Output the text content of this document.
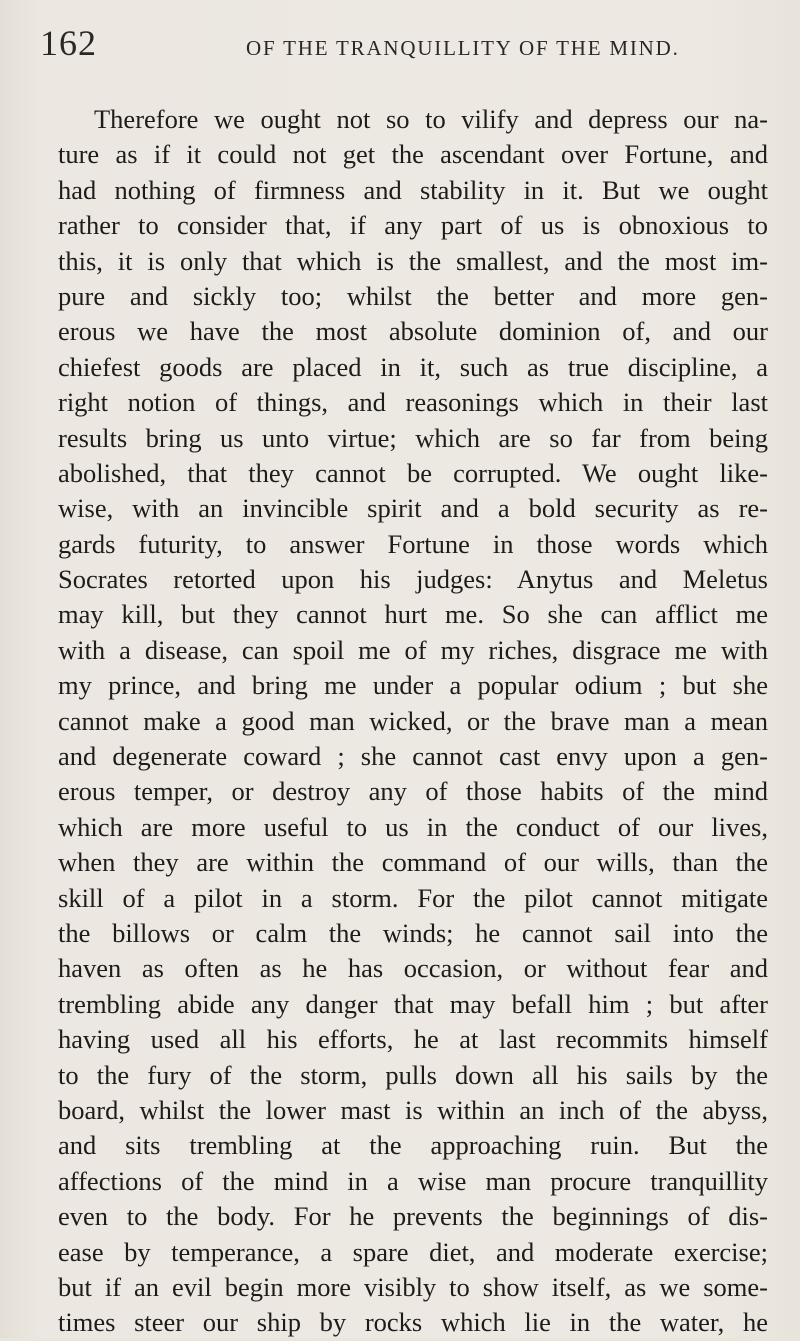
162	OF THE TRANQUILLITY OF THE MIND.
Therefore we ought not so to vilify and depress our na-
ture as if it could not get the ascendant over Fortune, and
had nothing of firmness and stability in it. But we ought
rather to consider that, if any part of us is obnoxious to
this, it is only that which is the smallest, and the most im-
pure and sickly too; whilst the better and more gen-
erous we have the most absolute dominion of, and our
chiefest goods are placed in it, such as true discipline, a
right notion of things, and reasonings which in their last
results bring us unto virtue; which are so far from being
abolished, that they cannot be corrupted. We ought like-
wise, with an invincible spirit and a bold security as re-
gards futurity, to answer Fortune in those words which
Socrates retorted upon his judges: Anytus and Meletus
may kill, but they cannot hurt me. So she can afflict me
with a disease, can spoil me of my riches, disgrace me with
my prince, and bring me under a popular odium ; but she
cannot make a good man wicked, or the brave man a mean
and degenerate coward ; she cannot cast envy upon a gen-
erous temper, or destroy any of those habits of the mind
which are more useful to us in the conduct of our lives,
when they are within the command of our wills, than the
skill of a pilot in a storm. For the pilot cannot mitigate
the billows or calm the winds; he cannot sail into the
haven as often as he has occasion, or without fear and
trembling abide any danger that may befall him ; but after
having used all his efforts, he at last recommits himself
to the fury of the storm, pulls down all his sails by the
board, whilst the lower mast is within an inch of the abyss,
and sits trembling at the approaching ruin. But the
affections of the mind in a wise man procure tranquillity
even to the body. For he prevents the beginnings of dis-
ease by temperance, a spare diet, and moderate exercise;
but if an evil begin more visibly to show itself, as we some-
times steer our ship by rocks which lie in the water, he
